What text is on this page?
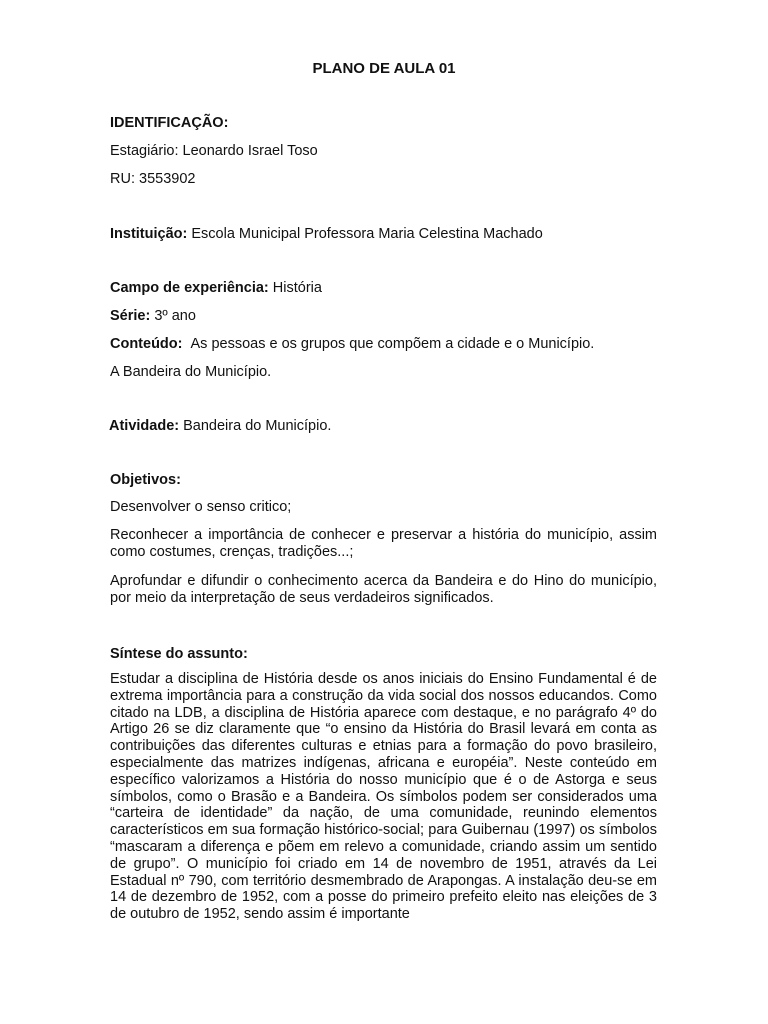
PLANO DE AULA 01
IDENTIFICAÇÃO:
Estagiário: Leonardo Israel Toso
RU: 3553902
Instituição: Escola Municipal Professora Maria Celestina Machado
Campo de experiência: História
Série: 3º ano
Conteúdo: As pessoas e os grupos que compõem a cidade e o Município.
A Bandeira do Município.
Atividade: Bandeira do Município.
Objetivos:
Desenvolver o senso critico;
Reconhecer a importância de conhecer e preservar a história do município, assim como costumes, crenças, tradições...;
Aprofundar e difundir o conhecimento acerca da Bandeira e do Hino do município, por meio da interpretação de seus verdadeiros significados.
Síntese do assunto:
Estudar a disciplina de História desde os anos iniciais do Ensino Fundamental é de extrema importância para a construção da vida social dos nossos educandos. Como citado na LDB, a disciplina de História aparece com destaque, e no parágrafo 4º do Artigo 26 se diz claramente que “o ensino da História do Brasil levará em conta as contribuições das diferentes culturas e etnias para a formação do povo brasileiro, especialmente das matrizes indígenas, africana e européia”. Neste conteúdo em específico valorizamos a História do nosso município que é o de Astorga e seus símbolos, como o Brasão e a Bandeira. Os símbolos podem ser considerados uma “carteira de identidade” da nação, de uma comunidade, reunindo elementos característicos em sua formação histórico-social; para Guibernau (1997) os símbolos “mascaram a diferença e põem em relevo a comunidade, criando assim um sentido de grupo”. O município foi criado em 14 de novembro de 1951, através da Lei Estadual nº 790, com território desmembrado de Arapongas. A instalação deu-se em 14 de dezembro de 1952, com a posse do primeiro prefeito eleito nas eleições de 3 de outubro de 1952, sendo assim é importante
